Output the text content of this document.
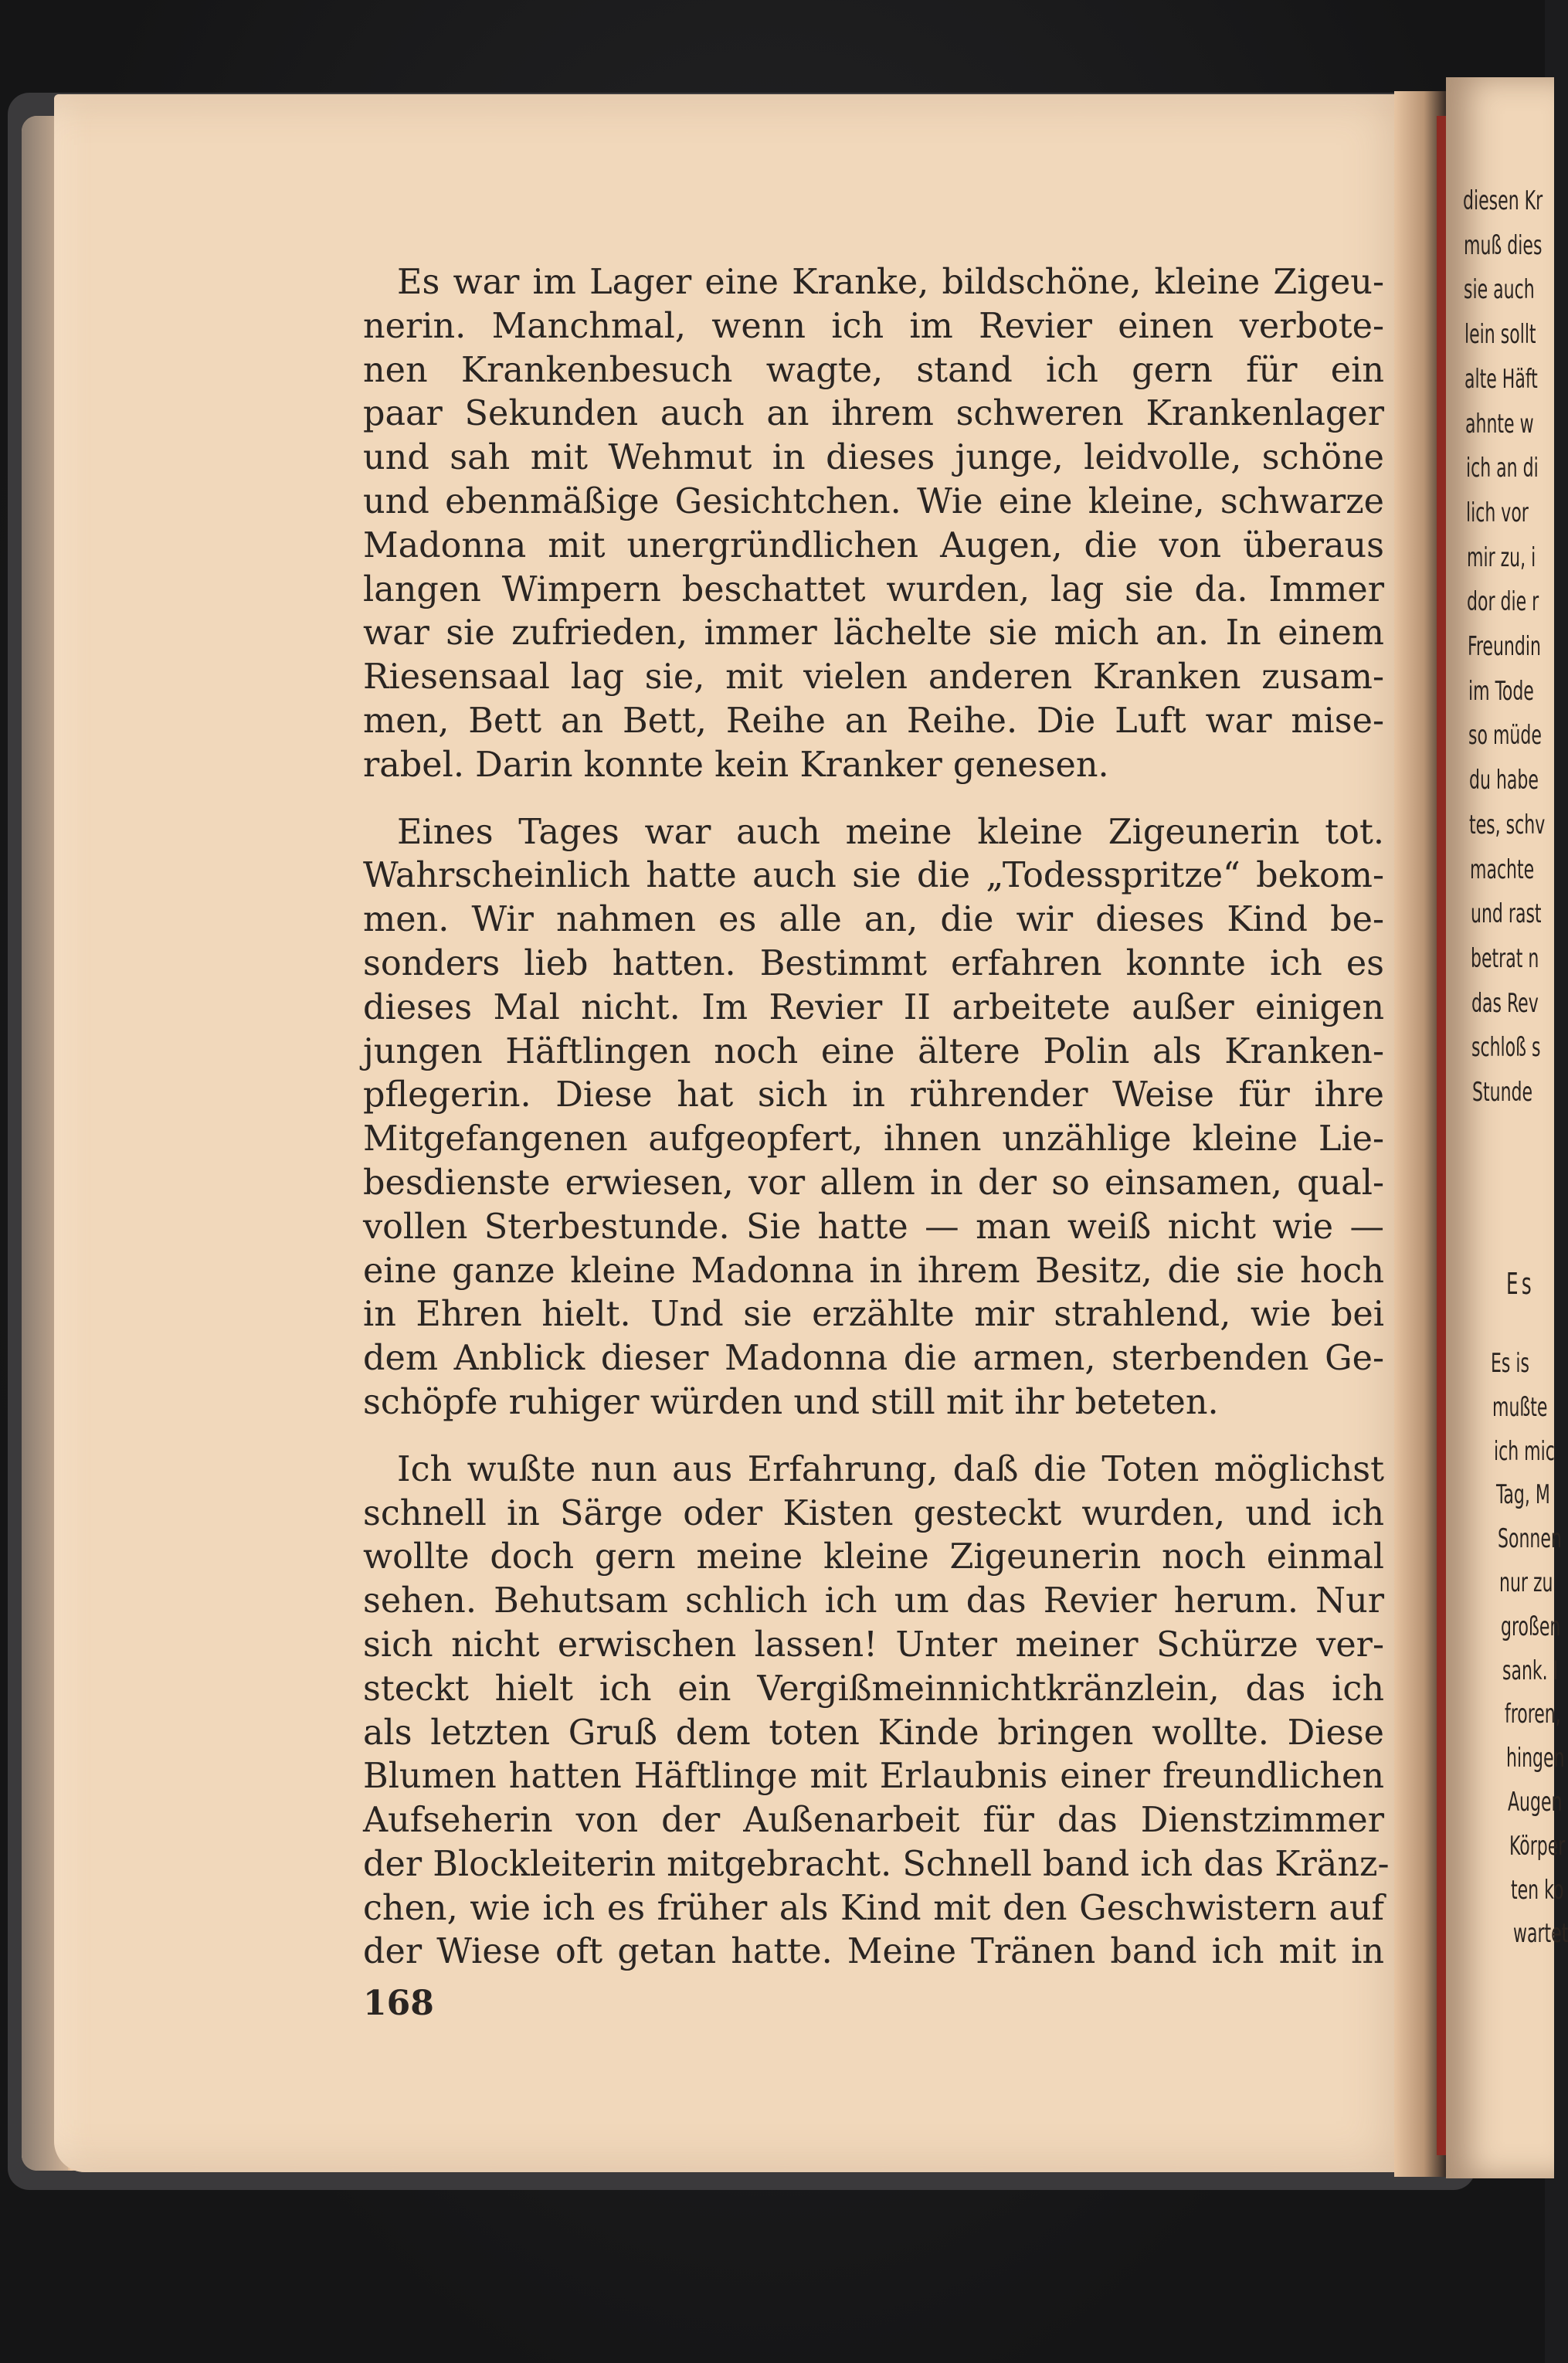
diesen Kr
muß dies
sie auch
lein sollt
alte Häft
ahnte w
ich an di
lich vor
mir zu, i
dor die r
Freundin
im Tode
so müde
du habe
tes, schv
machte
und rast
betrat n
das Rev
schloß s
Stunde
Es
Es is
mußte
ich mic
Tag, M
Sonnen
nur zu
großen
sank. I
froren,
hingen
Augen
Körper
ten ko
wartet
Es war im Lager eine Kranke, bildschöne, kleine Zigeu-
nerin. Manchmal, wenn ich im Revier einen verbote-
nen Krankenbesuch wagte, stand ich gern für ein
paar Sekunden auch an ihrem schweren Krankenlager
und sah mit Wehmut in dieses junge, leidvolle, schöne
und ebenmäßige Gesichtchen. Wie eine kleine, schwarze
Madonna mit unergründlichen Augen, die von überaus
langen Wimpern beschattet wurden, lag sie da. Immer
war sie zufrieden, immer lächelte sie mich an. In einem
Riesensaal lag sie, mit vielen anderen Kranken zusam-
men, Bett an Bett, Reihe an Reihe. Die Luft war mise-
rabel. Darin konnte kein Kranker genesen.
Eines Tages war auch meine kleine Zigeunerin tot.
Wahrscheinlich hatte auch sie die „Todesspritze“ bekom-
men. Wir nahmen es alle an, die wir dieses Kind be-
sonders lieb hatten. Bestimmt erfahren konnte ich es
dieses Mal nicht. Im Revier II arbeitete außer einigen
jungen Häftlingen noch eine ältere Polin als Kranken-
pflegerin. Diese hat sich in rührender Weise für ihre
Mitgefangenen aufgeopfert, ihnen unzählige kleine Lie-
besdienste erwiesen, vor allem in der so einsamen, qual-
vollen Sterbestunde. Sie hatte — man weiß nicht wie —
eine ganze kleine Madonna in ihrem Besitz, die sie hoch
in Ehren hielt. Und sie erzählte mir strahlend, wie bei
dem Anblick dieser Madonna die armen, sterbenden Ge-
schöpfe ruhiger würden und still mit ihr beteten.
Ich wußte nun aus Erfahrung, daß die Toten möglichst
schnell in Särge oder Kisten gesteckt wurden, und ich
wollte doch gern meine kleine Zigeunerin noch einmal
sehen. Behutsam schlich ich um das Revier herum. Nur
sich nicht erwischen lassen! Unter meiner Schürze ver-
steckt hielt ich ein Vergißmeinnichtkränzlein, das ich
als letzten Gruß dem toten Kinde bringen wollte. Diese
Blumen hatten Häftlinge mit Erlaubnis einer freundlichen
Aufseherin von der Außenarbeit für das Dienstzimmer
der Blockleiterin mitgebracht. Schnell band ich das Kränz-
chen, wie ich es früher als Kind mit den Geschwistern auf
der Wiese oft getan hatte. Meine Tränen band ich mit in
168
